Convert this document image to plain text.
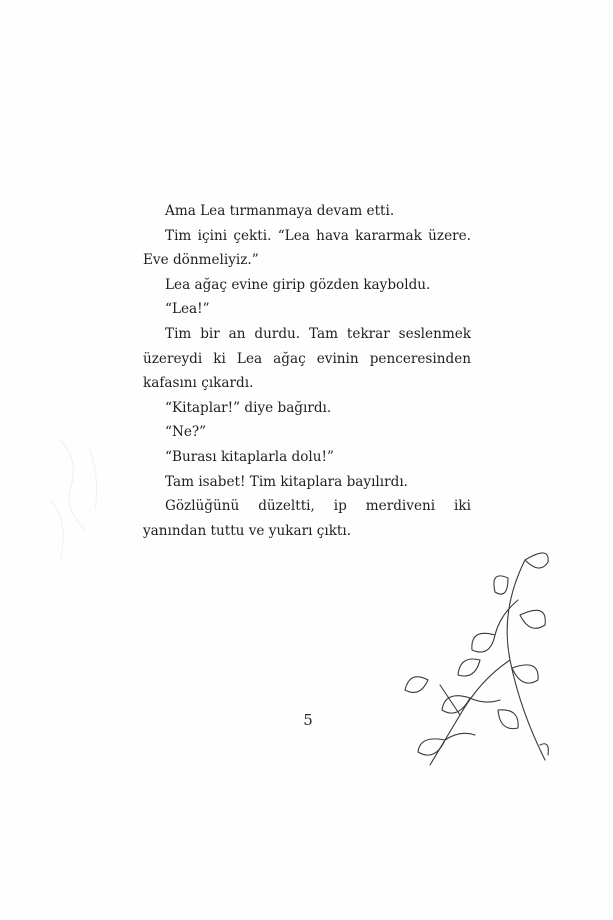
Ama Lea tırmanmaya devam etti.

Tim içini çekti. “Lea hava kararmak üzere. Eve dönmeliyiz.”

Lea ağaç evine girip gözden kayboldu.

“Lea!”

Tim bir an durdu. Tam tekrar seslenmek üzereydi ki Lea ağaç evinin penceresinden kafasını çıkardı.

“Kitaplar!” diye bağırdı.

“Ne?”

“Burası kitaplarla dolu!”

Tam isabet! Tim kitaplara bayılırdı.

Gözlüğünü düzeltti, ip merdiveni iki yanından tuttu ve yukarı çıktı.

5
